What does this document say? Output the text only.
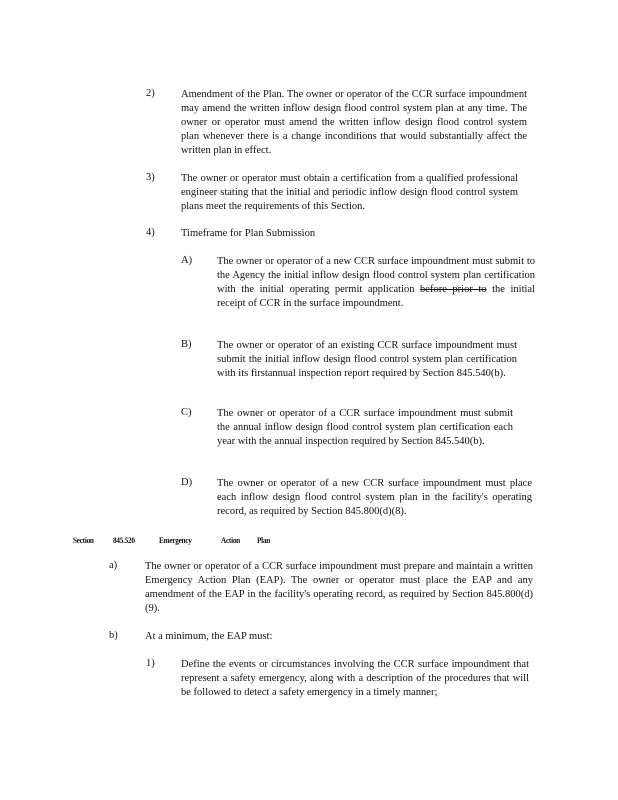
2)	Amendment of the Plan. The owner or operator of the CCR surface impoundment may amend the written inflow design flood control system plan at any time. The owner or operator must amend the written inflow design flood control system plan whenever there is a change inconditions that would substantially affect the written plan in effect.
3)	The owner or operator must obtain a certification from a qualified professional engineer stating that the initial and periodic inflow design flood control system plans meet the requirements of this Section.
4)	Timeframe for Plan Submission
A) The owner or operator of a new CCR surface impoundment must submit to the Agency the initial inflow design flood control system plan certification with the initial operating permit application before prior to the initial receipt of CCR in the surface impoundment.
B) The owner or operator of an existing CCR surface impoundment must submit the initial inflow design flood control system plan certification with its firstannual inspection report required by Section 845.540(b).
C) The owner or operator of a CCR surface impoundment must submit the annual inflow design flood control system plan certification each year with the annual inspection required by Section 845.540(b).
D) The owner or operator of a new CCR surface impoundment must place each inflow design flood control system plan in the facility's operating record, as required by Section 845.800(d)(8).
Section 845.520	Emergency	Action Plan
a)	The owner or operator of a CCR surface impoundment must prepare and maintain a written Emergency Action Plan (EAP). The owner or operator must place the EAP and any amendment of the EAP in the facility's operating record, as required by Section 845.800(d)(9).
b)	At a minimum, the EAP must:
1)	Define the events or circumstances involving the CCR surface impoundment that represent a safety emergency, along with a description of the procedures that will be followed to detect a safety emergency in a timely manner;
